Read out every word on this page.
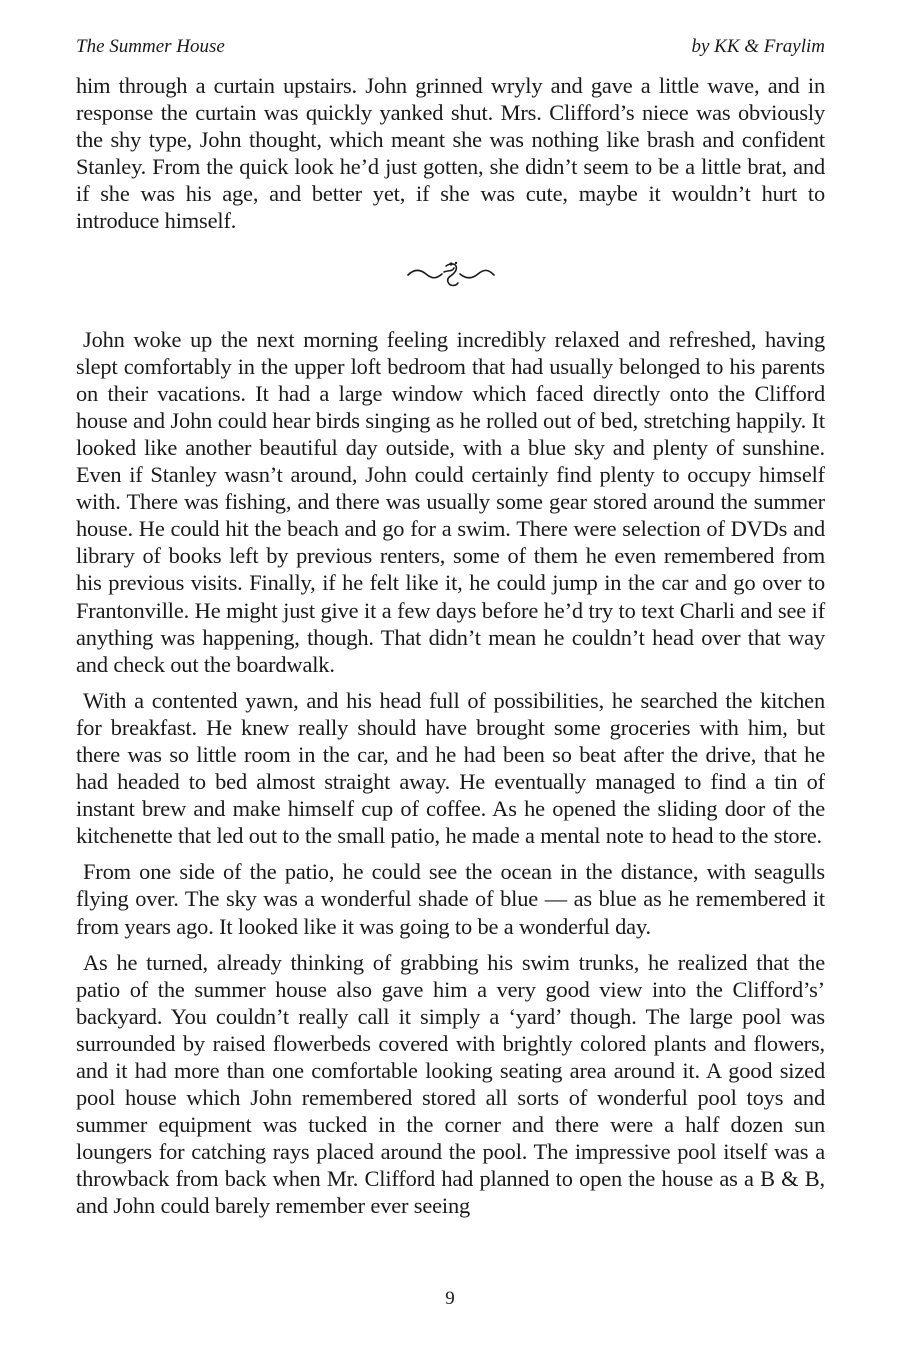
The Summer House	by KK & Fraylim

him through a curtain upstairs. John grinned wryly and gave a little wave, and in response the curtain was quickly yanked shut. Mrs. Clifford’s niece was obviously the shy type, John thought, which meant she was nothing like brash and confident Stanley. From the quick look he’d just gotten, she didn’t seem to be a little brat, and if she was his age, and better yet, if she was cute, maybe it wouldn’t hurt to introduce himself.

John woke up the next morning feeling incredibly relaxed and refreshed, having slept comfortably in the upper loft bedroom that had usually belonged to his parents on their vacations. It had a large window which faced directly onto the Clifford house and John could hear birds singing as he rolled out of bed, stretching happily. It looked like another beautiful day outside, with a blue sky and plenty of sunshine. Even if Stanley wasn’t around, John could certainly find plenty to occupy himself with. There was fishing, and there was usually some gear stored around the summer house. He could hit the beach and go for a swim. There were selection of DVDs and library of books left by previous renters, some of them he even remembered from his previous visits. Finally, if he felt like it, he could jump in the car and go over to Frantonville. He might just give it a few days before he’d try to text Charli and see if anything was happening, though. That didn’t mean he couldn’t head over that way and check out the boardwalk.

With a contented yawn, and his head full of possibilities, he searched the kitchen for breakfast. He knew really should have brought some groceries with him, but there was so little room in the car, and he had been so beat after the drive, that he had headed to bed almost straight away. He eventually managed to find a tin of instant brew and make himself cup of coffee. As he opened the sliding door of the kitchenette that led out to the small patio, he made a mental note to head to the store.

From one side of the patio, he could see the ocean in the distance, with seagulls flying over. The sky was a wonderful shade of blue — as blue as he remembered it from years ago. It looked like it was going to be a wonderful day.

As he turned, already thinking of grabbing his swim trunks, he realized that the patio of the summer house also gave him a very good view into the Clifford’s’ backyard. You couldn’t really call it simply a ‘yard’ though. The large pool was surrounded by raised flowerbeds covered with brightly colored plants and flowers, and it had more than one comfortable looking seating area around it. A good sized pool house which John remembered stored all sorts of wonderful pool toys and summer equipment was tucked in the corner and there were a half dozen sun loungers for catching rays placed around the pool. The impressive pool itself was a throwback from back when Mr. Clifford had planned to open the house as a B & B, and John could barely remember ever seeing

9
